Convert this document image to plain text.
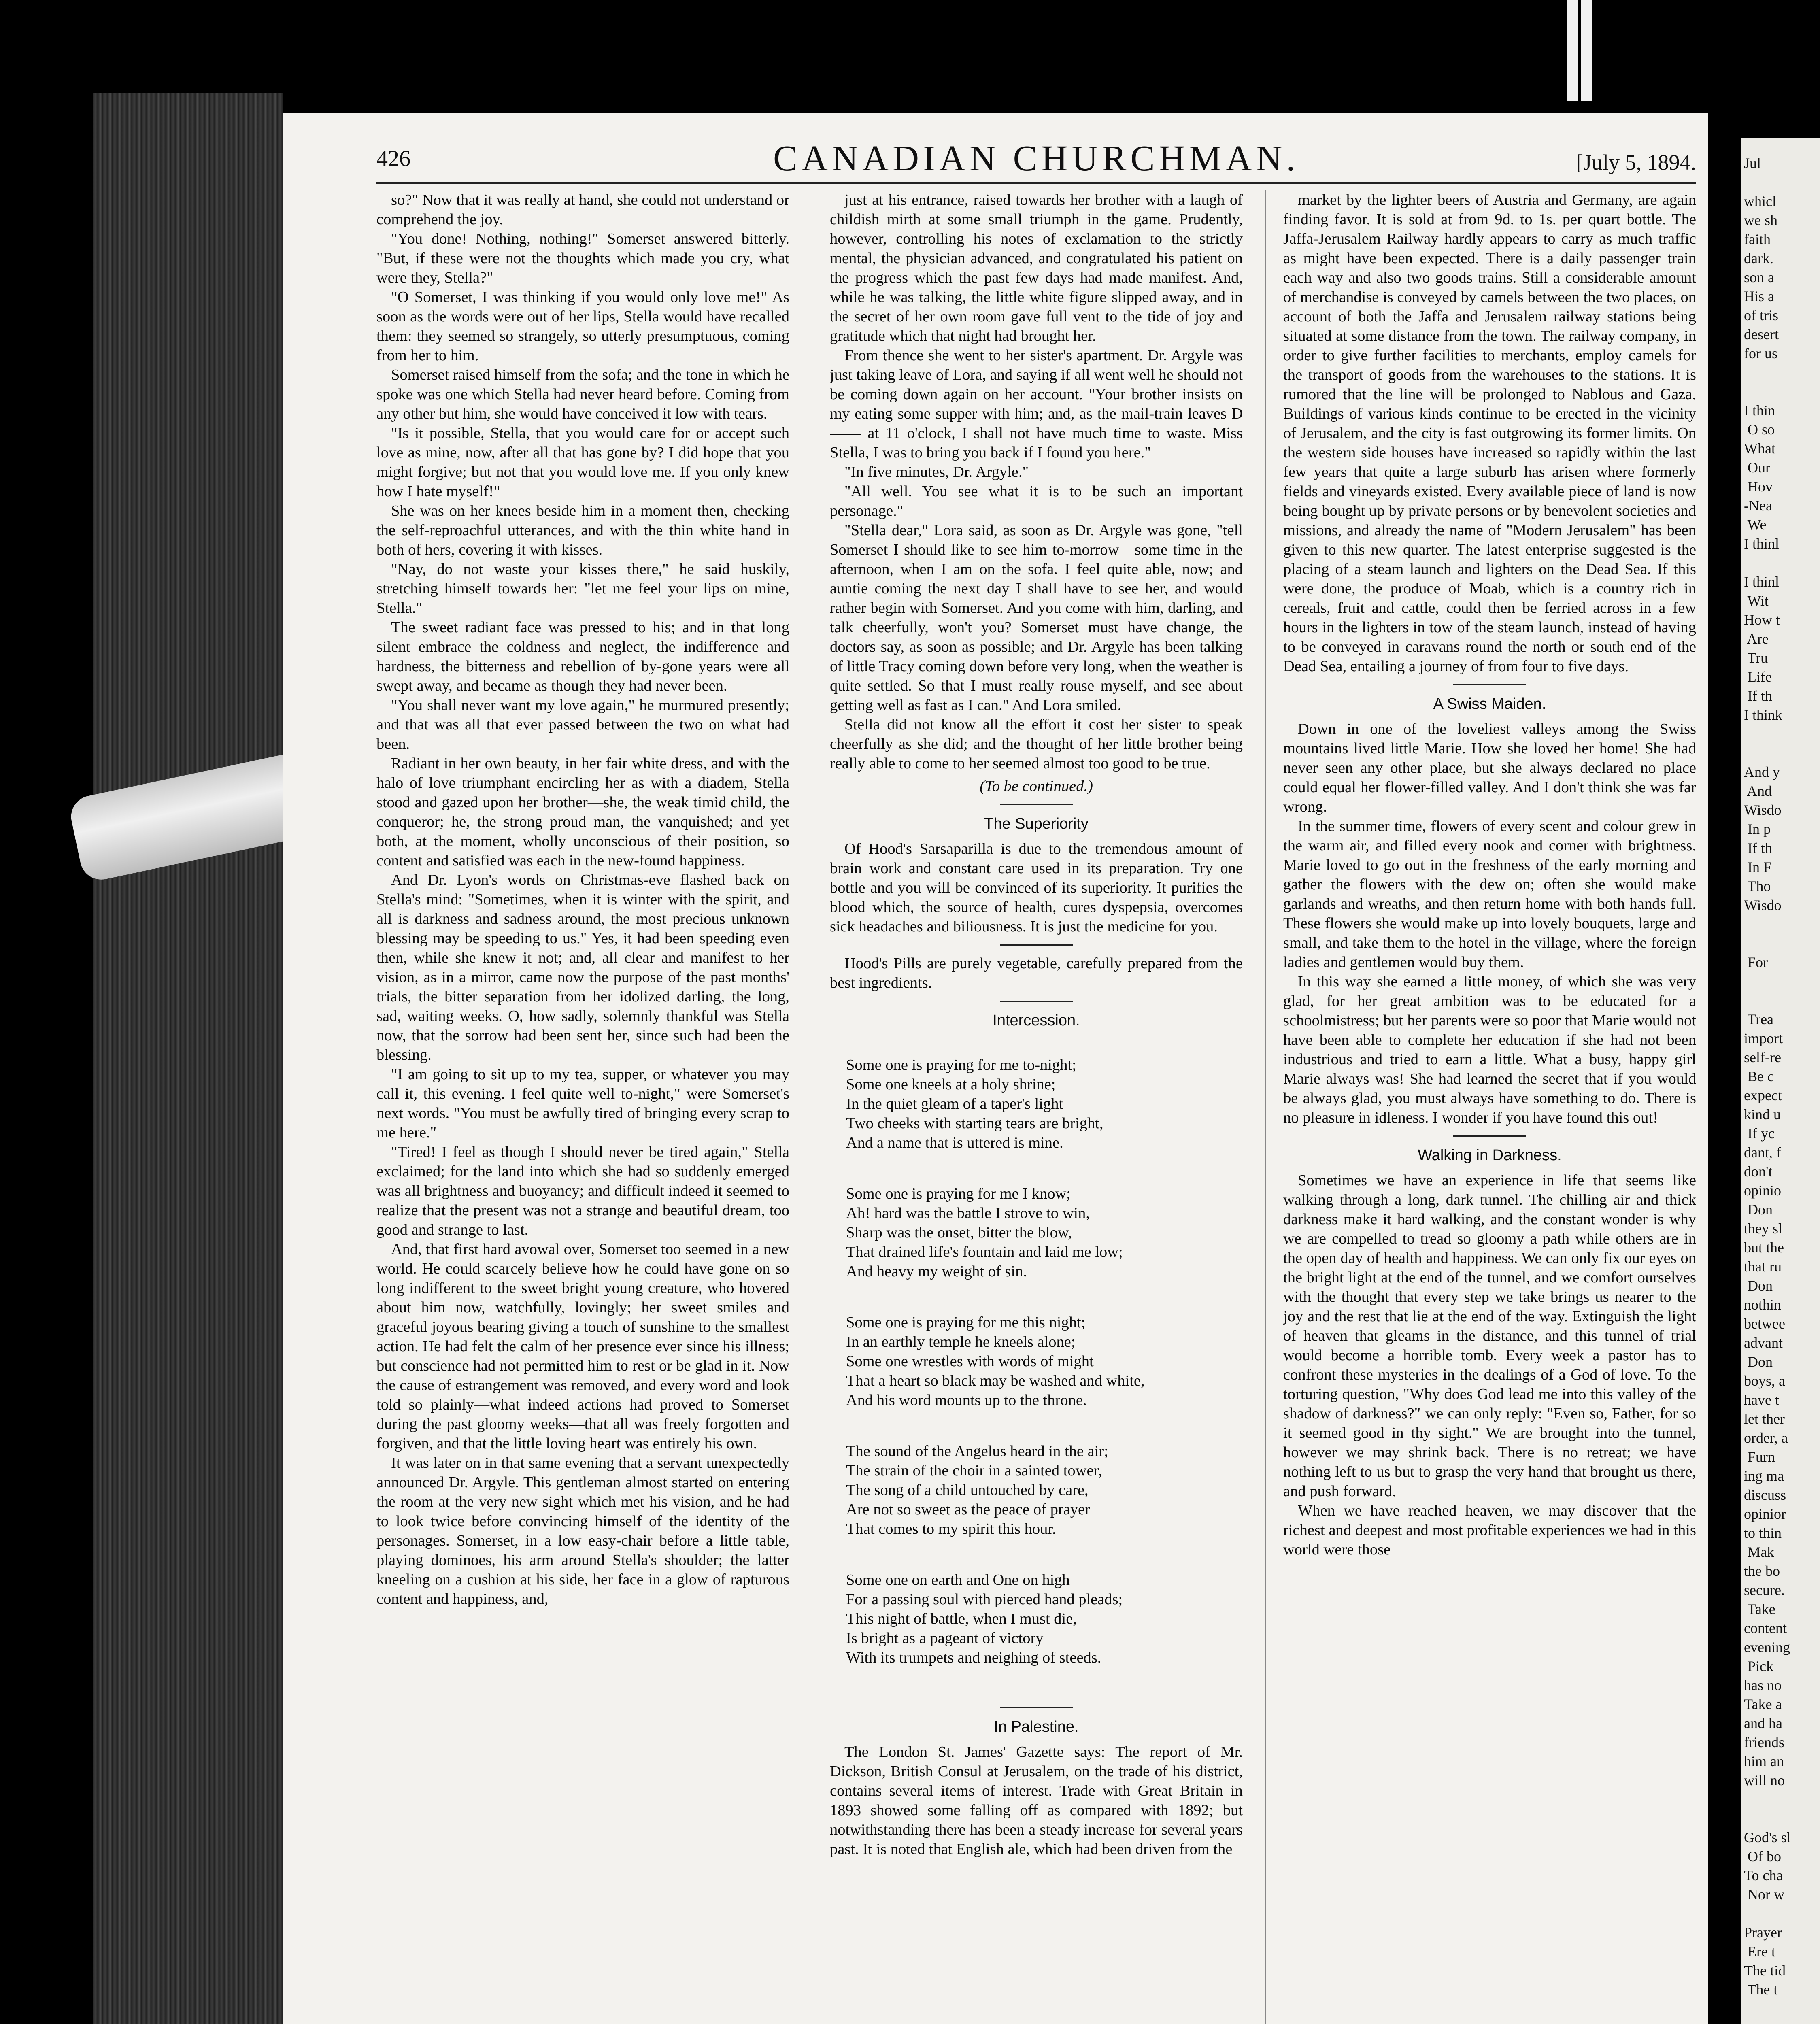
426	CANADIAN CHURCHMAN.	[July 5, 1894.

so?" Now that it was really at hand, she could not understand or comprehend the joy.

"You done! Nothing, nothing!" Somerset answered bitterly. "But, if these were not the thoughts which made you cry, what were they, Stella?"

"O Somerset, I was thinking if you would only love me!" As soon as the words were out of her lips, Stella would have recalled them: they seemed so strangely, so utterly presumptuous, coming from her to him.

Somerset raised himself from the sofa; and the tone in which he spoke was one which Stella had never heard before. Coming from any other but him, she would have conceived it low with tears.

"Is it possible, Stella, that you would care for or accept such love as mine, now, after all that has gone by? I did hope that you might forgive; but not that you would love me. If you only knew how I hate myself!"

She was on her knees beside him in a moment then, checking the self-reproachful utterances, and with the thin white hand in both of hers, covering it with kisses.

"Nay, do not waste your kisses there," he said huskily, stretching himself towards her: "let me feel your lips on mine, Stella."

The sweet radiant face was pressed to his; and in that long silent embrace the coldness and neglect, the indifference and hardness, the bitterness and rebellion of by-gone years were all swept away, and became as though they had never been.

"You shall never want my love again," he murmured presently; and that was all that ever passed between the two on what had been.

Radiant in her own beauty, in her fair white dress, and with the halo of love triumphant encircling her as with a diadem, Stella stood and gazed upon her brother—she, the weak timid child, the conqueror; he, the strong proud man, the vanquished; and yet both, at the moment, wholly unconscious of their position, so content and satisfied was each in the new-found happiness.

And Dr. Lyon's words on Christmas-eve flashed back on Stella's mind: "Sometimes, when it is winter with the spirit, and all is darkness and sadness around, the most precious unknown blessing may be speeding to us." Yes, it had been speeding even then, while she knew it not; and, all clear and manifest to her vision, as in a mirror, came now the purpose of the past months' trials, the bitter separation from her idolized darling, the long, sad, waiting weeks. O, how sadly, solemnly thankful was Stella now, that the sorrow had been sent her, since such had been the blessing.

"I am going to sit up to my tea, supper, or whatever you may call it, this evening. I feel quite well to-night," were Somerset's next words. "You must be awfully tired of bringing every scrap to me here."

"Tired! I feel as though I should never be tired again," Stella exclaimed; for the land into which she had so suddenly emerged was all brightness and buoyancy; and difficult indeed it seemed to realize that the present was not a strange and beautiful dream, too good and strange to last.

And, that first hard avowal over, Somerset too seemed in a new world. He could scarcely believe how he could have gone on so long indifferent to the sweet bright young creature, who hovered about him now, watchfully, lovingly; her sweet smiles and graceful joyous bearing giving a touch of sunshine to the smallest action. He had felt the calm of her presence ever since his illness; but conscience had not permitted him to rest or be glad in it. Now the cause of estrangement was removed, and every word and look told so plainly—what indeed actions had proved to Somerset during the past gloomy weeks—that all was freely forgotten and forgiven, and that the little loving heart was entirely his own.

It was later on in that same evening that a servant unexpectedly announced Dr. Argyle. This gentleman almost started on entering the room at the very new sight which met his vision, and he had to look twice before convincing himself of the identity of the personages. Somerset, in a low easy-chair before a little table, playing dominoes, his arm around Stella's shoulder; the latter kneeling on a cushion at his side, her face in a glow of rapturous content and happiness, and,

just at his entrance, raised towards her brother with a laugh of childish mirth at some small triumph in the game. Prudently, however, controlling his notes of exclamation to the strictly mental, the physician advanced, and congratulated his patient on the progress which the past few days had made manifest. And, while he was talking, the little white figure slipped away, and in the secret of her own room gave full vent to the tide of joy and gratitude which that night had brought her.

From thence she went to her sister's apartment. Dr. Argyle was just taking leave of Lora, and saying if all went well he should not be coming down again on her account. "Your brother insists on my eating some supper with him; and, as the mail-train leaves D—— at 11 o'clock, I shall not have much time to waste. Miss Stella, I was to bring you back if I found you here."

"In five minutes, Dr. Argyle."

"All well. You see what it is to be such an important personage."

"Stella dear," Lora said, as soon as Dr. Argyle was gone, "tell Somerset I should like to see him to-morrow—some time in the afternoon, when I am on the sofa. I feel quite able, now; and auntie coming the next day I shall have to see her, and would rather begin with Somerset. And you come with him, darling, and talk cheerfully, won't you? Somerset must have change, the doctors say, as soon as possible; and Dr. Argyle has been talking of little Tracy coming down before very long, when the weather is quite settled. So that I must really rouse myself, and see about getting well as fast as I can." And Lora smiled.

Stella did not know all the effort it cost her sister to speak cheerfully as she did; and the thought of her little brother being really able to come to her seemed almost too good to be true.

(To be continued.)
The Superiority

Of Hood's Sarsaparilla is due to the tremendous amount of brain work and constant care used in its preparation. Try one bottle and you will be convinced of its superiority. It purifies the blood which, the source of health, cures dyspepsia, overcomes sick headaches and biliousness. It is just the medicine for you.

Hood's Pills are purely vegetable, carefully prepared from the best ingredients.

Intercession.

Some one is praying for me to-night;
Some one kneels at a holy shrine;
In the quiet gleam of a taper's light
Two cheeks with starting tears are bright,
And a name that is uttered is mine.

Some one is praying for me I know;
Ah! hard was the battle I strove to win,
Sharp was the onset, bitter the blow,
That drained life's fountain and laid me low;
And heavy my weight of sin.

Some one is praying for me this night;
In an earthly temple he kneels alone;
Some one wrestles with words of might
That a heart so black may be washed and white,
And his word mounts up to the throne.

The sound of the Angelus heard in the air;
The strain of the choir in a sainted tower,
The song of a child untouched by care,
Are not so sweet as the peace of prayer
That comes to my spirit this hour.

Some one on earth and One on high
For a passing soul with pierced hand pleads;
This night of battle, when I must die,
Is bright as a pageant of victory
With its trumpets and neighing of steeds.

In Palestine.

The London St. James' Gazette says: The report of Mr. Dickson, British Consul at Jerusalem, on the trade of his district, contains several items of interest. Trade with Great Britain in 1893 showed some falling off as compared with 1892; but notwithstanding there has been a steady increase for several years past. It is noted that English ale, which had been driven from the

market by the lighter beers of Austria and Germany, are again finding favor. It is sold at from 9d. to 1s. per quart bottle. The Jaffa-Jerusalem Railway hardly appears to carry as much traffic as might have been expected. There is a daily passenger train each way and also two goods trains. Still a considerable amount of merchandise is conveyed by camels between the two places, on account of both the Jaffa and Jerusalem railway stations being situated at some distance from the town. The railway company, in order to give further facilities to merchants, employ camels for the transport of goods from the warehouses to the stations. It is rumored that the line will be prolonged to Nablous and Gaza. Buildings of various kinds continue to be erected in the vicinity of Jerusalem, and the city is fast outgrowing its former limits. On the western side houses have increased so rapidly within the last few years that quite a large suburb has arisen where formerly fields and vineyards existed. Every available piece of land is now being bought up by private persons or by benevolent societies and missions, and already the name of "Modern Jerusalem" has been given to this new quarter. The latest enterprise suggested is the placing of a steam launch and lighters on the Dead Sea. If this were done, the produce of Moab, which is a country rich in cereals, fruit and cattle, could then be ferried across in a few hours in the lighters in tow of the steam launch, instead of having to be conveyed in caravans round the north or south end of the Dead Sea, entailing a journey of from four to five days.

A Swiss Maiden.

Down in one of the loveliest valleys among the Swiss mountains lived little Marie. How she loved her home! She had never seen any other place, but she always declared no place could equal her flower-filled valley. And I don't think she was far wrong.

In the summer time, flowers of every scent and colour grew in the warm air, and filled every nook and corner with brightness. Marie loved to go out in the freshness of the early morning and gather the flowers with the dew on; often she would make garlands and wreaths, and then return home with both hands full. These flowers she would make up into lovely bouquets, large and small, and take them to the hotel in the village, where the foreign ladies and gentlemen would buy them.

In this way she earned a little money, of which she was very glad, for her great ambition was to be educated for a schoolmistress; but her parents were so poor that Marie would not have been able to complete her education if she had not been industrious and tried to earn a little. What a busy, happy girl Marie always was! She had learned the secret that if you would be always glad, you must always have something to do. There is no pleasure in idleness. I wonder if you have found this out!

Walking in Darkness.

Sometimes we have an experience in life that seems like walking through a long, dark tunnel. The chilling air and thick darkness make it hard walking, and the constant wonder is why we are compelled to tread so gloomy a path while others are in the open day of health and happiness. We can only fix our eyes on the bright light at the end of the tunnel, and we comfort ourselves with the thought that every step we take brings us nearer to the joy and the rest that lie at the end of the way. Extinguish the light of heaven that gleams in the distance, and this tunnel of trial would become a horrible tomb. Every week a pastor has to confront these mysteries in the dealings of a God of love. To the torturing question, "Why does God lead me into this valley of the shadow of darkness?" we can only reply: "Even so, Father, for so it seemed good in thy sight." We are brought into the tunnel, however we may shrink back. There is no retreat; we have nothing left to us but to grasp the very hand that brought us there, and push forward.

When we have reached heaven, we may discover that the richest and deepest and most profitable experiences we had in this world were those

Jul

whicl
we sh
faith
dark.
son a
His a
of tris
desert
for us

I thin
O so
What
Our
Hov
-Nea
We
I thinl

I thinl
Wit
How t
Are
Tru
Life
If th
I think

And y
And
Wisdo
In p
If th
In F
Tho
Wisdo

For

Trea
import
self-re
Be c
expect
kind u
If yc
dant, f
don't
opinio
Don
they sl
but the
that ru
Don
nothin
betwee
advant
Don
boys, a
have t
let ther
order, a
Furn
ing ma
discuss
opinior
to thin
Mak
the bo
secure.
Take
content
evening
Pick
has no
Take a
and ha
friends
him an
will no

God's sl
Of bo
To cha
Nor w

Prayer
Ere t
The tid
The t
